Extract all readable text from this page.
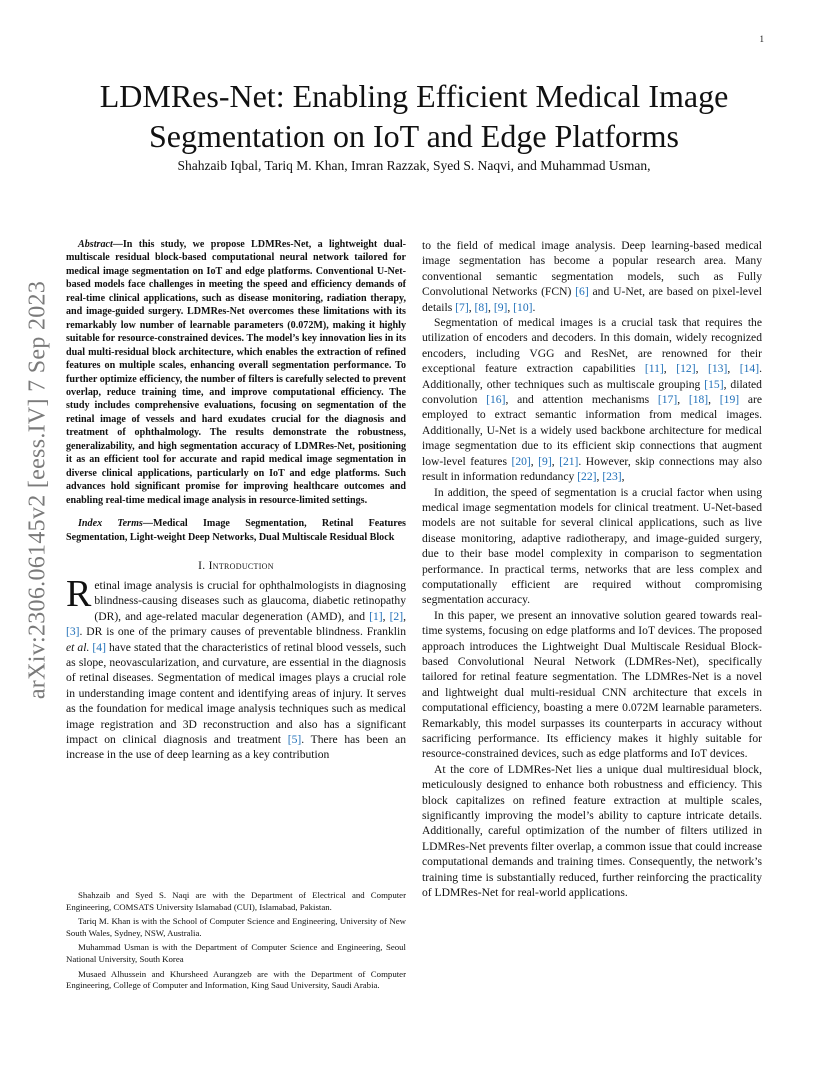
1
arXiv:2306.06145v2 [eess.IV] 7 Sep 2023
LDMRes-Net: Enabling Efficient Medical Image Segmentation on IoT and Edge Platforms

Shahzaib Iqbal, Tariq M. Khan, Imran Razzak, Syed S. Naqvi, and Muhammad Usman,

Abstract—In this study, we propose LDMRes-Net, a lightweight dual-multiscale residual block-based computational neural network tailored for medical image segmentation on IoT and edge platforms. Conventional U-Net-based models face challenges in meeting the speed and efficiency demands of real-time clinical applications, such as disease monitoring, radiation therapy, and image-guided surgery. LDMRes-Net overcomes these limitations with its remarkably low number of learnable parameters (0.072M), making it highly suitable for resource-constrained devices. The model’s key innovation lies in its dual multi-residual block architecture, which enables the extraction of refined features on multiple scales, enhancing overall segmentation performance. To further optimize efficiency, the number of filters is carefully selected to prevent overlap, reduce training time, and improve computational efficiency. The study includes comprehensive evaluations, focusing on segmentation of the retinal image of vessels and hard exudates crucial for the diagnosis and treatment of ophthalmology. The results demonstrate the robustness, generalizability, and high segmentation accuracy of LDMRes-Net, positioning it as an efficient tool for accurate and rapid medical image segmentation in diverse clinical applications, particularly on IoT and edge platforms. Such advances hold significant promise for improving healthcare outcomes and enabling real-time medical image analysis in resource-limited settings.

Index Terms—Medical Image Segmentation, Retinal Features Segmentation, Light-weight Deep Networks, Dual Multiscale Residual Block

I. Introduction

Retinal image analysis is crucial for ophthalmologists in diagnosing blindness-causing diseases such as glaucoma, diabetic retinopathy (DR), and age-related macular degeneration (AMD), and [1], [2], [3]. DR is one of the primary causes of preventable blindness. Franklin et al. [4] have stated that the characteristics of retinal blood vessels, such as slope, neovascularization, and curvature, are essential in the diagnosis of retinal diseases. Segmentation of medical images plays a crucial role in understanding image content and identifying areas of injury. It serves as the foundation for medical image analysis techniques such as medical image registration and 3D reconstruction and also has a significant impact on clinical diagnosis and treatment [5]. There has been an increase in the use of deep learning as a key contribution

Shahzaib and Syed S. Naqi are with the Department of Electrical and Computer Engineering, COMSATS University Islamabad (CUI), Islamabad, Pakistan.

Tariq M. Khan is with the School of Computer Science and Engineering, University of New South Wales, Sydney, NSW, Australia.

Muhammad Usman is with the Department of Computer Science and Engineering, Seoul National University, South Korea

Musaed Alhussein and Khursheed Aurangzeb are with the Department of Computer Engineering, College of Computer and Information, King Saud University, Saudi Arabia.

to the field of medical image analysis. Deep learning-based medical image segmentation has become a popular research area. Many conventional semantic segmentation models, such as Fully Convolutional Networks (FCN) [6] and U-Net, are based on pixel-level details [7], [8], [9], [10].

Segmentation of medical images is a crucial task that requires the utilization of encoders and decoders. In this domain, widely recognized encoders, including VGG and ResNet, are renowned for their exceptional feature extraction capabilities [11], [12], [13], [14]. Additionally, other techniques such as multiscale grouping [15], dilated convolution [16], and attention mechanisms [17], [18], [19] are employed to extract semantic information from medical images. Additionally, U-Net is a widely used backbone architecture for medical image segmentation due to its efficient skip connections that augment low-level features [20], [9], [21]. However, skip connections may also result in information redundancy [22], [23],

In addition, the speed of segmentation is a crucial factor when using medical image segmentation models for clinical treatment. U-Net-based models are not suitable for several clinical applications, such as live disease monitoring, adaptive radiotherapy, and image-guided surgery, due to their base model complexity in comparison to segmentation performance. In practical terms, networks that are less complex and computationally efficient are required without compromising segmentation accuracy.

In this paper, we present an innovative solution geared towards real-time systems, focusing on edge platforms and IoT devices. The proposed approach introduces the Lightweight Dual Multiscale Residual Block-based Convolutional Neural Network (LDMRes-Net), specifically tailored for retinal feature segmentation. The LDMRes-Net is a novel and lightweight dual multi-residual CNN architecture that excels in computational efficiency, boasting a mere 0.072M learnable parameters. Remarkably, this model surpasses its counterparts in accuracy without sacrificing performance. Its efficiency makes it highly suitable for resource-constrained devices, such as edge platforms and IoT devices.

At the core of LDMRes-Net lies a unique dual multiresidual block, meticulously designed to enhance both robustness and efficiency. This block capitalizes on refined feature extraction at multiple scales, significantly improving the model’s ability to capture intricate details. Additionally, careful optimization of the number of filters utilized in LDMRes-Net prevents filter overlap, a common issue that could increase computational demands and training times. Consequently, the network’s training time is substantially reduced, further reinforcing the practicality of LDMRes-Net for real-world applications.
